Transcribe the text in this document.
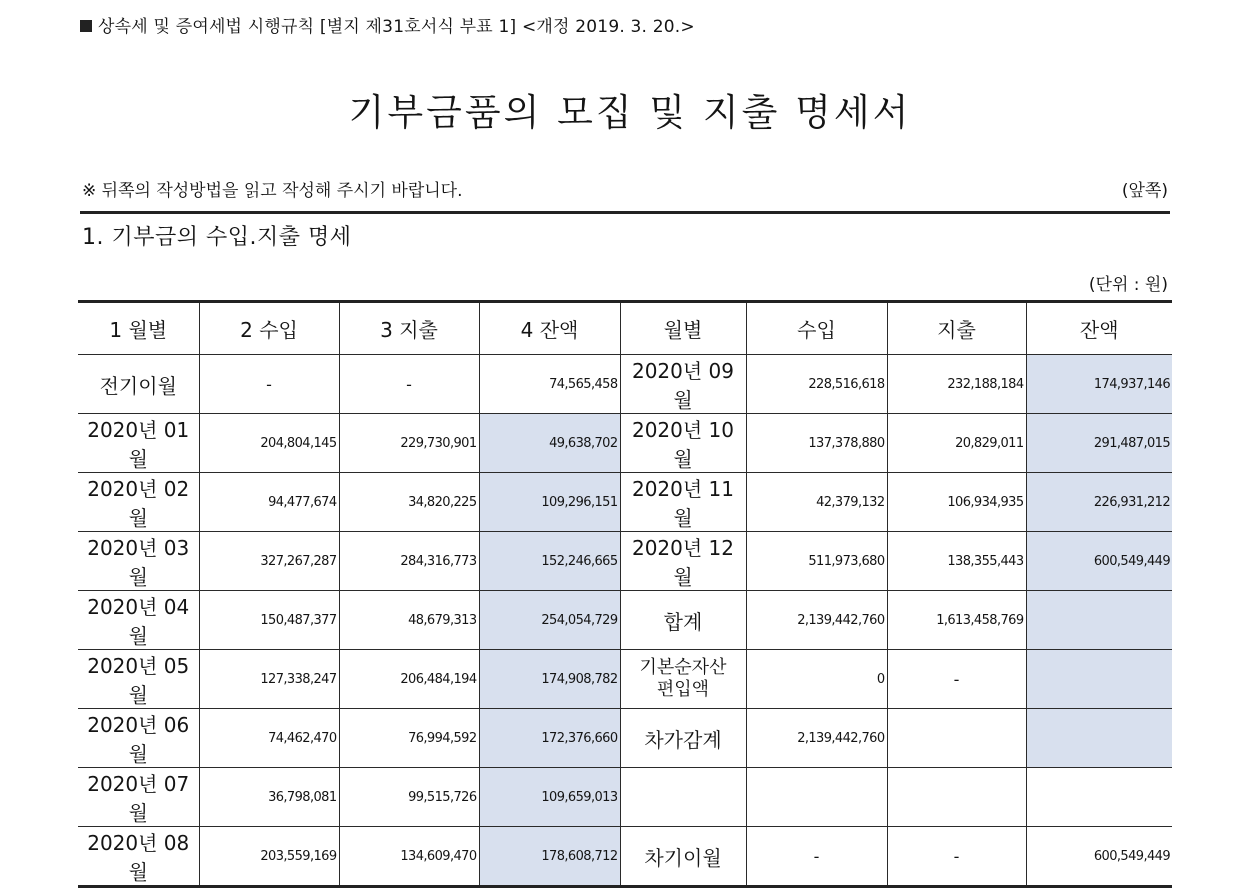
상속세 및 증여세법 시행규칙 [별지 제31호서식 부표 1] <개정 2019. 3. 20.>
기부금품의 모집 및 지출 명세서
※ 뒤쪽의 작성방법을 읽고 작성해 주시기 바랍니다.	(앞쪽)
1. 기부금의 수입.지출 명세
(단위 : 원)
1 월별	2 수입	3 지출	4 잔액	월별	수입	지출	잔액
전기이월	-	-	74,565,458	2020년 09월	228,516,618	232,188,184	174,937,146
2020년 01월	204,804,145	229,730,901	49,638,702	2020년 10월	137,378,880	20,829,011	291,487,015
2020년 02월	94,477,674	34,820,225	109,296,151	2020년 11월	42,379,132	106,934,935	226,931,212
2020년 03월	327,267,287	284,316,773	152,246,665	2020년 12월	511,973,680	138,355,443	600,549,449
2020년 04월	150,487,377	48,679,313	254,054,729	합계	2,139,442,760	1,613,458,769	
2020년 05월	127,338,247	206,484,194	174,908,782	기본순자산
편입액	0	-	
2020년 06월	74,462,470	76,994,592	172,376,660	차가감계	2,139,442,760		
2020년 07월	36,798,081	99,515,726	109,659,013				
2020년 08월	203,559,169	134,609,470	178,608,712	차기이월	-	-	600,549,449
